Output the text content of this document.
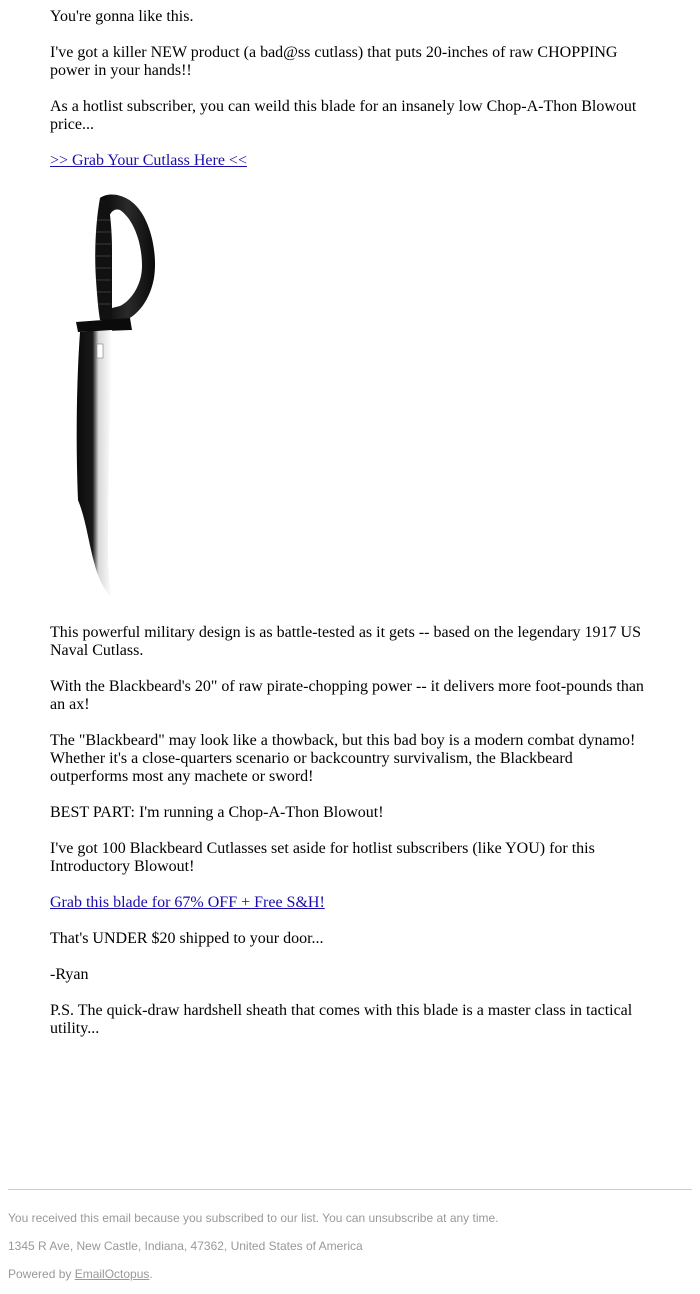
You're gonna like this.

I've got a killer NEW product (a bad@ss cutlass) that puts 20-inches of raw CHOPPING power in your hands!!

As a hotlist subscriber, you can weild this blade for an insanely low Chop-A-Thon Blowout price...

>> Grab Your Cutlass Here <<

This powerful military design is as battle-tested as it gets -- based on the legendary 1917 US Naval Cutlass.

With the Blackbeard's 20" of raw pirate-chopping power -- it delivers more foot-pounds than an ax!

The "Blackbeard" may look like a thowback, but this bad boy is a modern combat dynamo! Whether it's a close-quarters scenario or backcountry survivalism, the Blackbeard outperforms most any machete or sword!

BEST PART: I'm running a Chop-A-Thon Blowout!

I've got 100 Blackbeard Cutlasses set aside for hotlist subscribers (like YOU) for this Introductory Blowout!

Grab this blade for 67% OFF + Free S&H!

That's UNDER $20 shipped to your door...

-Ryan

P.S. The quick-draw hardshell sheath that comes with this blade is a master class in tactical utility...

You received this email because you subscribed to our list. You can unsubscribe at any time.

1345 R Ave, New Castle, Indiana, 47362, United States of America

Powered by EmailOctopus.
